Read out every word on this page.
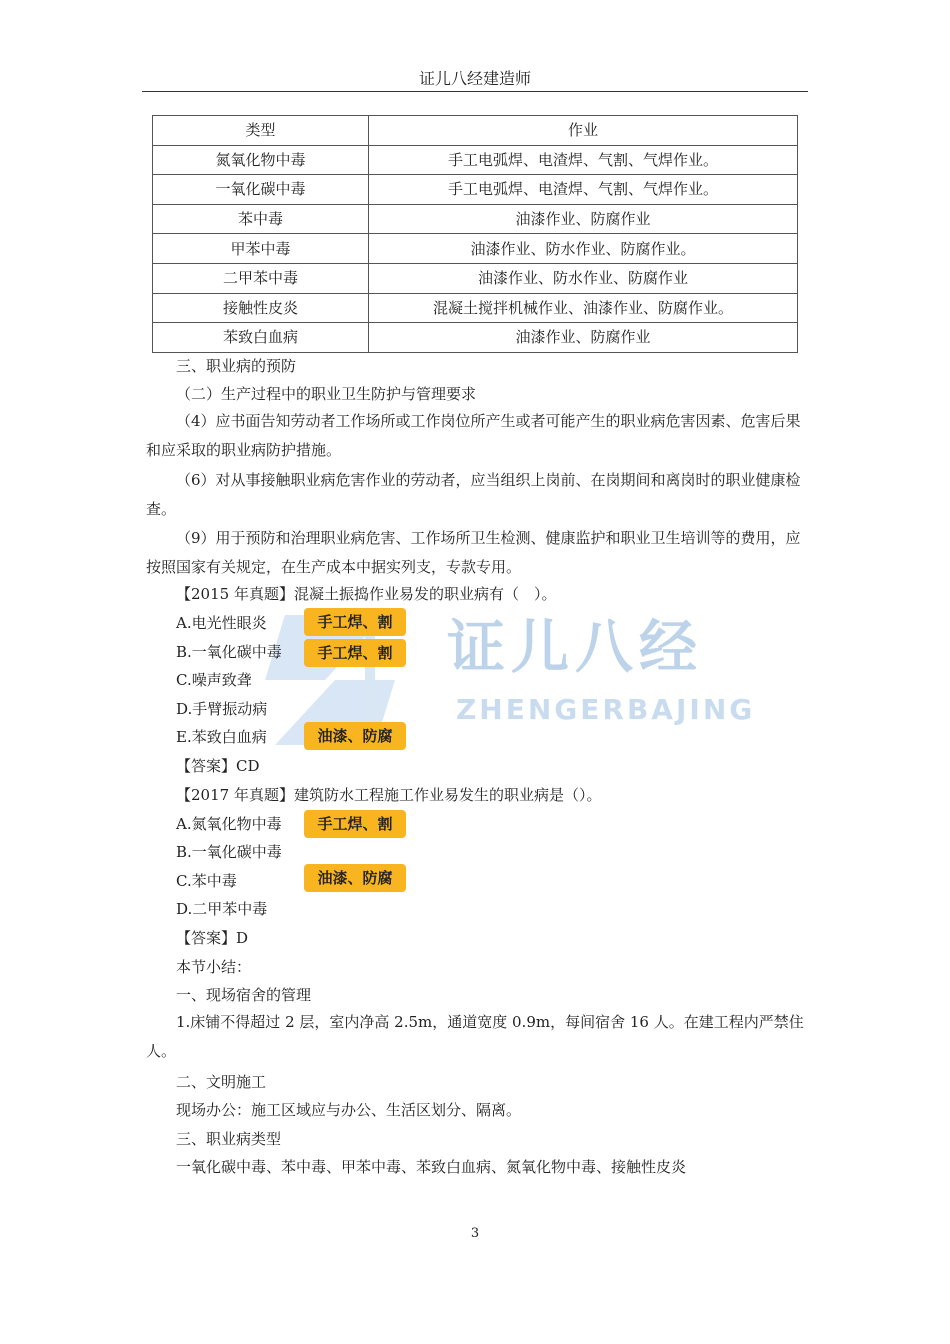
证儿八经建造师
类型	作业
氮氧化物中毒	手工电弧焊、电渣焊、气割、气焊作业。
一氧化碳中毒	手工电弧焊、电渣焊、气割、气焊作业。
苯中毒	油漆作业、防腐作业
甲苯中毒	油漆作业、防水作业、防腐作业。
二甲苯中毒	油漆作业、防水作业、防腐作业
接触性皮炎	混凝土搅拌机械作业、油漆作业、防腐作业。
苯致白血病	油漆作业、防腐作业
证儿八经
ZHENGERBAJING
三、职业病的预防
（二）生产过程中的职业卫生防护与管理要求
（4）应书面告知劳动者工作场所或工作岗位所产生或者可能产生的职业病危害因素、危害后果和应采取的职业病防护措施。
（6）对从事接触职业病危害作业的劳动者，应当组织上岗前、在岗期间和离岗时的职业健康检查。
（9）用于预防和治理职业病危害、工作场所卫生检测、健康监护和职业卫生培训等的费用，应按照国家有关规定，在生产成本中据实列支，专款专用。
【2015 年真题】混凝土振捣作业易发的职业病有（　）。
A.电光性眼炎
B.一氧化碳中毒
C.噪声致聋
D.手臂振动病
E.苯致白血病
【答案】CD
手工焊、割
手工焊、割
油漆、防腐
【2017 年真题】建筑防水工程施工作业易发生的职业病是（）。
A.氮氧化物中毒
B.一氧化碳中毒
C.苯中毒
D.二甲苯中毒
【答案】D
手工焊、割
油漆、防腐
本节小结：
一、现场宿舍的管理
1.床铺不得超过 2 层，室内净高 2.5m，通道宽度 0.9m，每间宿舍 16 人。在建工程内严禁住人。
二、文明施工
现场办公：施工区域应与办公、生活区划分、隔离。
三、职业病类型
一氧化碳中毒、苯中毒、甲苯中毒、苯致白血病、氮氧化物中毒、接触性皮炎
3
